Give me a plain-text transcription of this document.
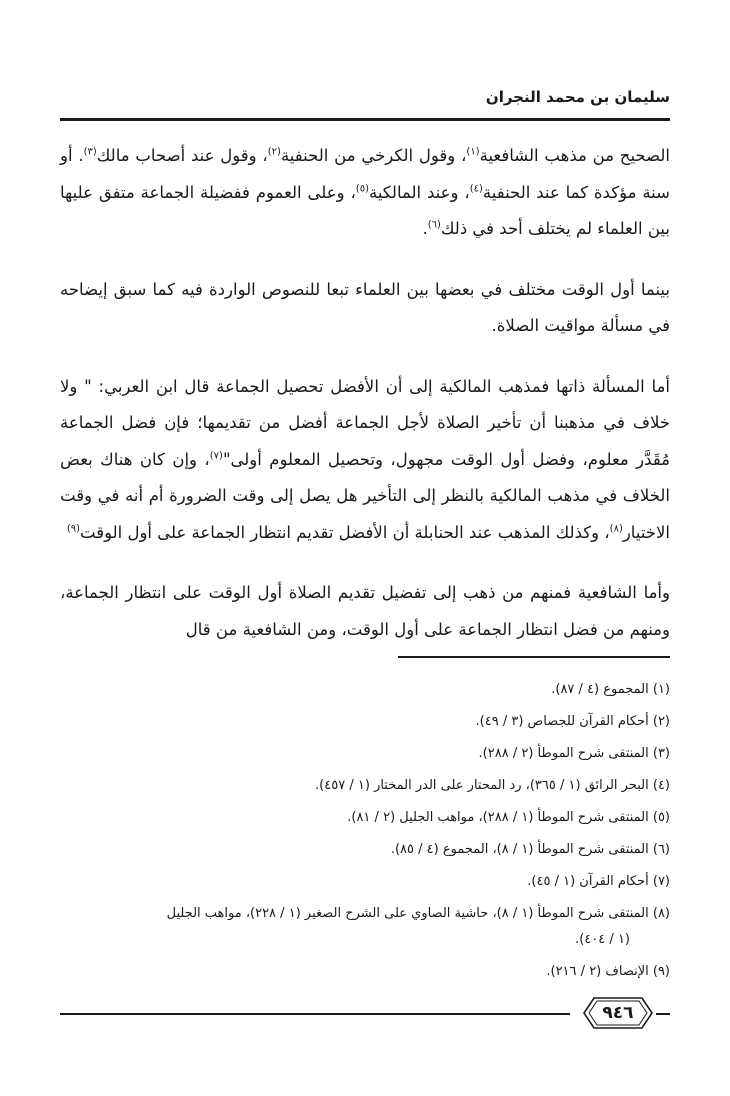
سليمان بن محمد النجران

الصحيح من مذهب الشافعية$^{(١)}$، وقول الكرخي من الحنفية$^{(٢)}$، وقول عند أصحاب مالك$^{(٣)}$. أو سنة مؤكدة كما عند الحنفية$^{(٤)}$، وعند المالكية$^{(٥)}$، وعلى العموم ففضيلة الجماعة متفق عليها بين العلماء لم يختلف أحد في ذلك$^{(٦)}$.

بينما أول الوقت مختلف في بعضها بين العلماء تبعا للنصوص الواردة فيه كما سبق إيضاحه في مسألة مواقيت الصلاة.

أما المسألة ذاتها فمذهب المالكية إلى أن الأفضل تحصيل الجماعة قال ابن العربي: " ولا خلاف في مذهبنا أن تأخير الصلاة لأجل الجماعة أفضل من تقديمها؛ فإن فضل الجماعة مُقَدَّر معلوم، وفضل أول الوقت مجهول، وتحصيل المعلوم أولى"$^{(٧)}$، وإن كان هناك بعض الخلاف في مذهب المالكية بالنظر إلى التأخير هل يصل إلى وقت الضرورة أم أنه في وقت الاختيار$^{(٨)}$، وكذلك المذهب عند الحنابلة أن الأفضل تقديم انتظار الجماعة على أول الوقت$^{(٩)}$

وأما الشافعية فمنهم من ذهب إلى تفضيل تقديم الصلاة أول الوقت على انتظار الجماعة، ومنهم من فضل انتظار الجماعة على أول الوقت، ومن الشافعية من قال

(١) المجموع (٤ / ٨٧).
(٢) أحكام القرآن للجصاص (٣ / ٤٩).
(٣) المنتقى شرح الموطأ (٢ / ٢٨٨).
(٤) البحر الرائق (١ / ٣٦٥)، رد المحتار على الدر المختار (١ / ٤٥٧).
(٥) المنتقى شرح الموطأ (١ / ٢٨٨)، مواهب الجليل (٢ / ٨١).
(٦) المنتقى شرح الموطأ (١ / ٨)، المجموع (٤ / ٨٥).
(٧) أحكام القرآن (١ / ٤٥).
(٨) المنتقى شرح الموطأ (١ / ٨)، حاشية الصاوي على الشرح الصغير (١ / ٢٢٨)، مواهب الجليل
(١ / ٤٠٤).
(٩) الإنصاف (٢ / ٢١٦).
٩٤٦
